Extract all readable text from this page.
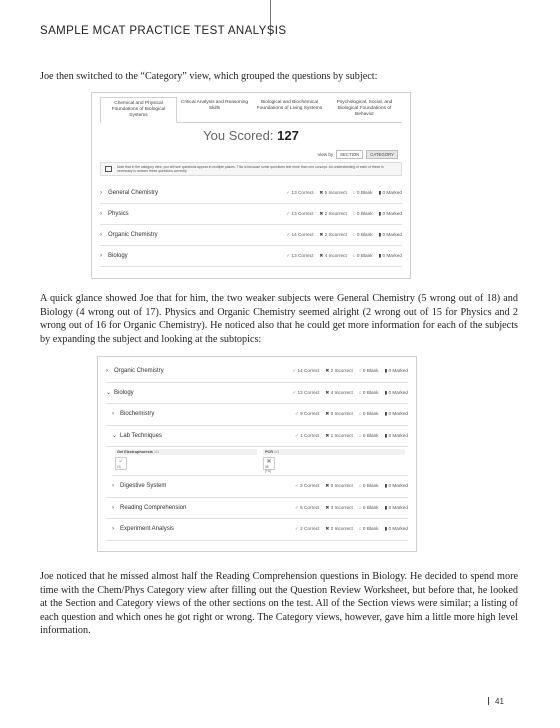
SAMPLE MCAT PRACTICE TEST ANALYSIS

Joe then switched to the “Category” view, which grouped the questions by subject:

Chemical and Physical Foundations of Biological Systems
Critical Analysis and Reasoning Skills
Biological and Biochemical Foundations of Living Systems
Psychological, Social, and Biological Foundations of Behavior
You Scored: 127
View by	SECTION	CATEGORY
Note that in the category view, you will see questions appear in multiple places. This is because some questions test more than one concept. An understanding of each of these is necessary to answer these questions correctly.
›	General Chemistry	✓ 13 Correct	✖ 5 Incorrect	○ 0 Blank	▮ 0 Marked
›	Physics	✓ 13 Correct	✖ 2 Incorrect	○ 0 Blank	▮ 0 Marked
›	Organic Chemistry	✓ 14 Correct	✖ 2 Incorrect	○ 0 Blank	▮ 0 Marked
›	Biology	✓ 13 Correct	✖ 4 Incorrect	○ 0 Blank	▮ 0 Marked

A quick glance showed Joe that for him, the two weaker subjects were General Chemistry (5 wrong out of 18) and Biology (4 wrong out of 17). Physics and Organic Chemistry seemed alright (2 wrong out of 15 for Physics and 2 wrong out of 16 for Organic Chemistry). He noticed also that he could get more information for each of the subjects by expanding the subject and looking at the subtopics:

›	Organic Chemistry	✓ 14 Correct	✖ 2 Incorrect	○ 0 Blank	▮ 0 Marked
⌄ Biology	✓ 13 Correct	✖ 4 Incorrect	○ 0 Blank	▮ 0 Marked
›	Biochemistry	✓ 9 Correct	✖ 0 Incorrect	○ 0 Blank	▮ 0 Marked
⌄ Lab Techniques	✓ 1 Correct	✖ 1 Incorrect	○ 0 Blank	▮ 0 Marked
Gel Electrophoresis 1/1
✓
13
PCR 0/1
✖
35 (+4)
›	Digestive System	✓ 2 Correct	✖ 0 Incorrect	○ 0 Blank	▮ 0 Marked
›	Reading Comprehension	✓ 5 Correct	✖ 3 Incorrect	○ 0 Blank	▮ 0 Marked
›	Experiment Analysis	✓ 2 Correct	✖ 2 Incorrect	○ 0 Blank	▮ 0 Marked

Joe noticed that he missed almost half the Reading Comprehension questions in Biology. He decided to spend more time with the Chem/Phys Category view after filling out the Question Review Worksheet, but before that, he looked at the Section and Category views of the other sections on the test. All of the Section views were similar; a listing of each question and which ones he got right or wrong. The Category views, however, gave him a little more high level information.

41
